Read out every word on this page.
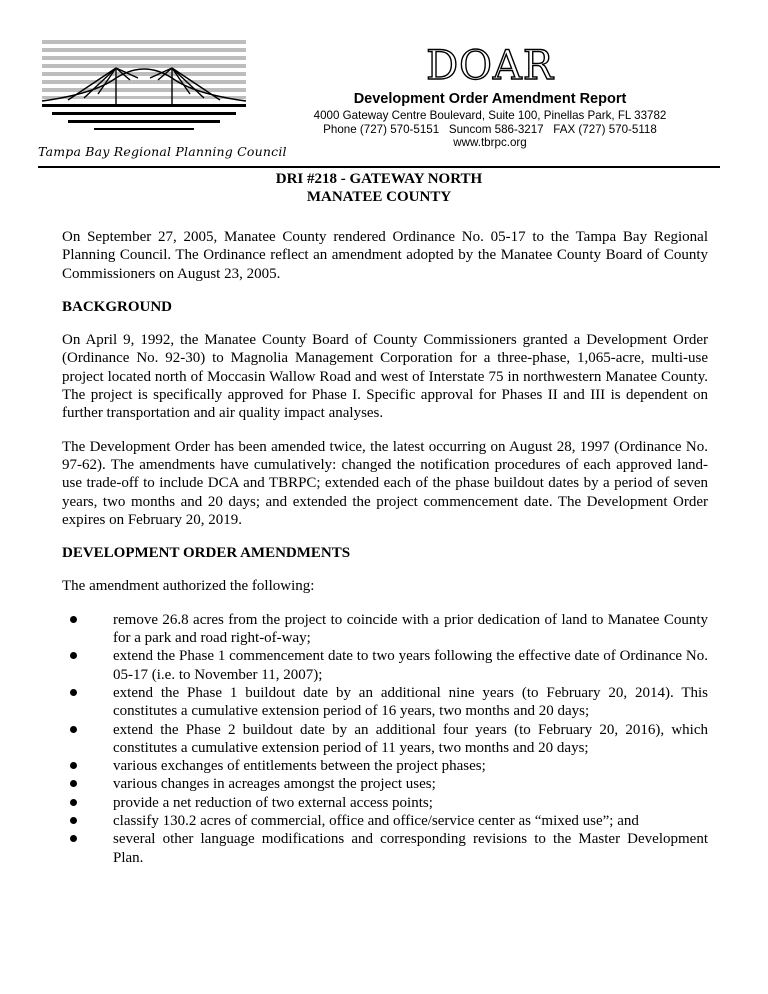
Tampa Bay Regional Planning Council
DOAR
Development Order Amendment Report
4000 Gateway Centre Boulevard, Suite 100, Pinellas Park, FL 33782
Phone (727) 570-5151   Suncom 586-3217   FAX (727) 570-5118
www.tbrpc.org
DRI #218 - GATEWAY NORTH
MANATEE COUNTY

On September 27, 2005, Manatee County rendered Ordinance No. 05-17 to the Tampa Bay Regional Planning Council. The Ordinance reflect an amendment adopted by the Manatee County Board of County Commissioners on August 23, 2005.

BACKGROUND

On April 9, 1992, the Manatee County Board of County Commissioners granted a Development Order (Ordinance No. 92-30) to Magnolia Management Corporation for a three-phase, 1,065-acre, multi-use project located north of Moccasin Wallow Road and west of Interstate 75 in northwestern Manatee County. The project is specifically approved for Phase I. Specific approval for Phases II and III is dependent on further transportation and air quality impact analyses.

The Development Order has been amended twice, the latest occurring on August 28, 1997 (Ordinance No. 97-62). The amendments have cumulatively: changed the notification procedures of each approved land-use trade-off to include DCA and TBRPC; extended each of the phase buildout dates by a period of seven years, two months and 20 days; and extended the project commencement date. The Development Order expires on February 20, 2019.

DEVELOPMENT ORDER AMENDMENTS

The amendment authorized the following:

remove 26.8 acres from the project to coincide with a prior dedication of land to Manatee County for a park and road right-of-way;
extend the Phase 1 commencement date to two years following the effective date of Ordinance No. 05-17 (i.e. to November 11, 2007);
extend the Phase 1 buildout date by an additional nine years (to February 20, 2014). This constitutes a cumulative extension period of 16 years, two months and 20 days;
extend the Phase 2 buildout date by an additional four years (to February 20, 2016), which constitutes a cumulative extension period of 11 years, two months and 20 days;
various exchanges of entitlements between the project phases;
various changes in acreages amongst the project uses;
provide a net reduction of two external access points;
classify 130.2 acres of commercial, office and office/service center as “mixed use”; and
several other language modifications and corresponding revisions to the Master Development Plan.
